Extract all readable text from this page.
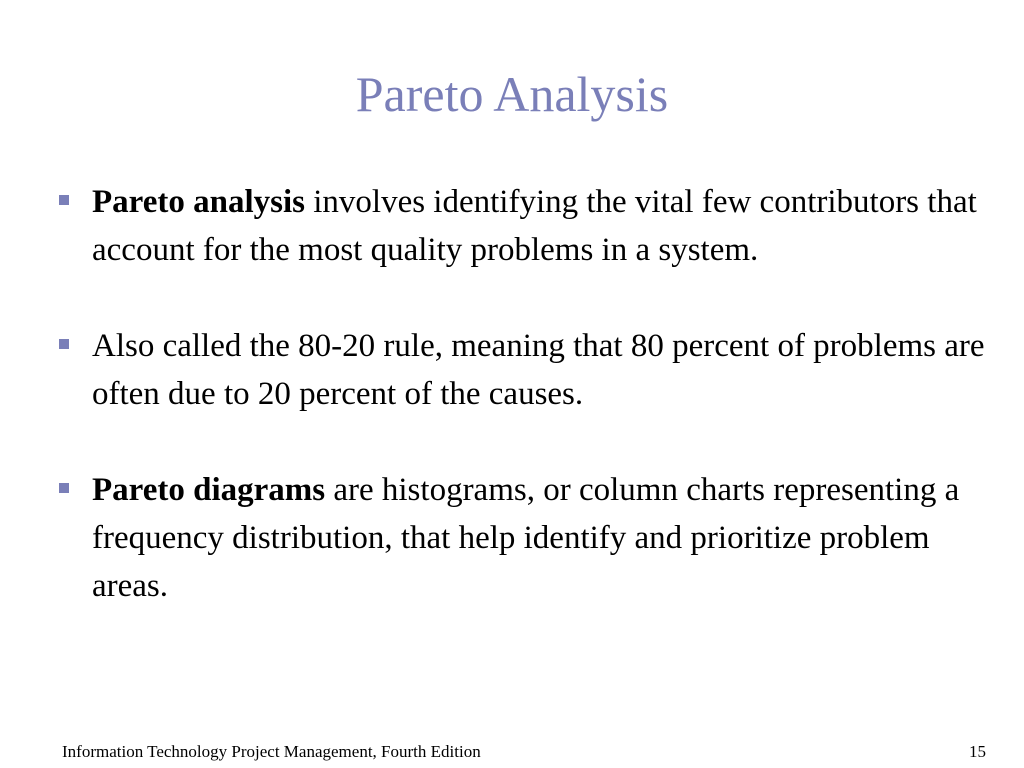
Pareto Analysis
Pareto analysis involves identifying the vital few contributors that account for the most quality problems in a system.
Also called the 80-20 rule, meaning that 80 percent of problems are often due to 20 percent of the causes.
Pareto diagrams are histograms, or column charts representing a frequency distribution, that help identify and prioritize problem areas.
Information Technology Project Management, Fourth Edition	15
